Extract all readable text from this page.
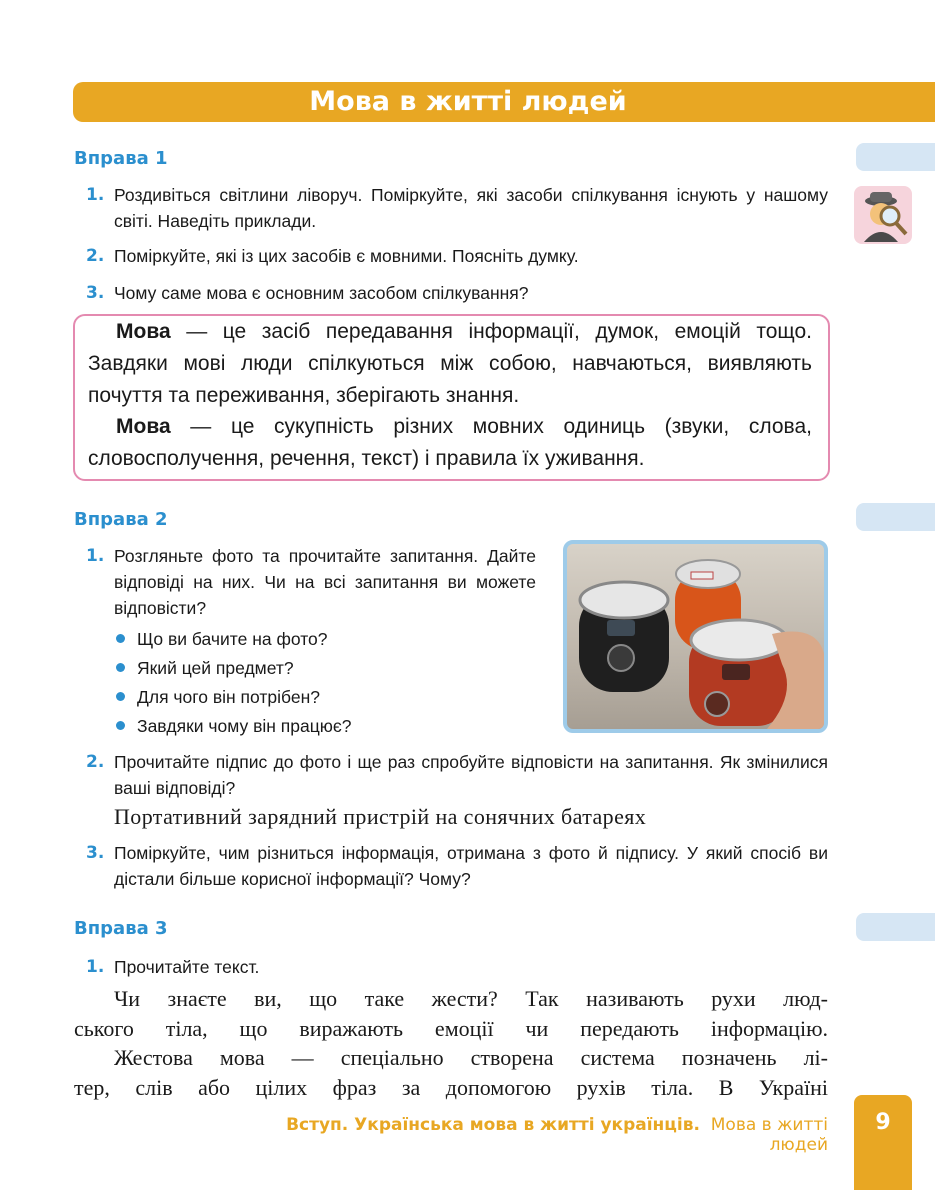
Мова в житті людей
Вправа 1
1. Роздивіться світлини ліворуч. Поміркуйте, які засоби спілкування існують у нашому світі. Наведіть приклади.
2. Поміркуйте, які із цих засобів є мовними. Поясніть думку.
3. Чому саме мова є основним засобом спілкування?
Мова — це засіб передавання інформації, думок, емоцій тощо. Завдяки мові люди спілкуються між собою, навчаються, виявляють почуття та переживання, зберігають знання.
Мова — це сукупність різних мовних одиниць (звуки, слова, словосполучення, речення, текст) і правила їх уживання.
Вправа 2
1. Розгляньте фото та прочитайте запитання. Дайте відповіді на них. Чи на всі запитання ви можете відповісти?
Що ви бачите на фото?
Який цей предмет?
Для чого він потрібен?
Завдяки чому він працює?
2. Прочитайте підпис до фото і ще раз спробуйте відповісти на запитання. Як змінилися ваші відповіді?
Портативний зарядний пристрій на сонячних батареях
3. Поміркуйте, чим різниться інформація, отримана з фото й підпису. У який спосіб ви дістали більше корисної інформації? Чому?
Вправа 3
1. Прочитайте текст.
Чи знаєте ви, що таке жести? Так називають рухи люд-
ського тіла, що виражають емоції чи передають інформацію.
Жестова мова — спеціально створена система позначень лі-
тер, слів або цілих фраз за допомогою рухів тіла. В Україні
Вступ. Українська мова в житті українців. Мова в житті людей
9
